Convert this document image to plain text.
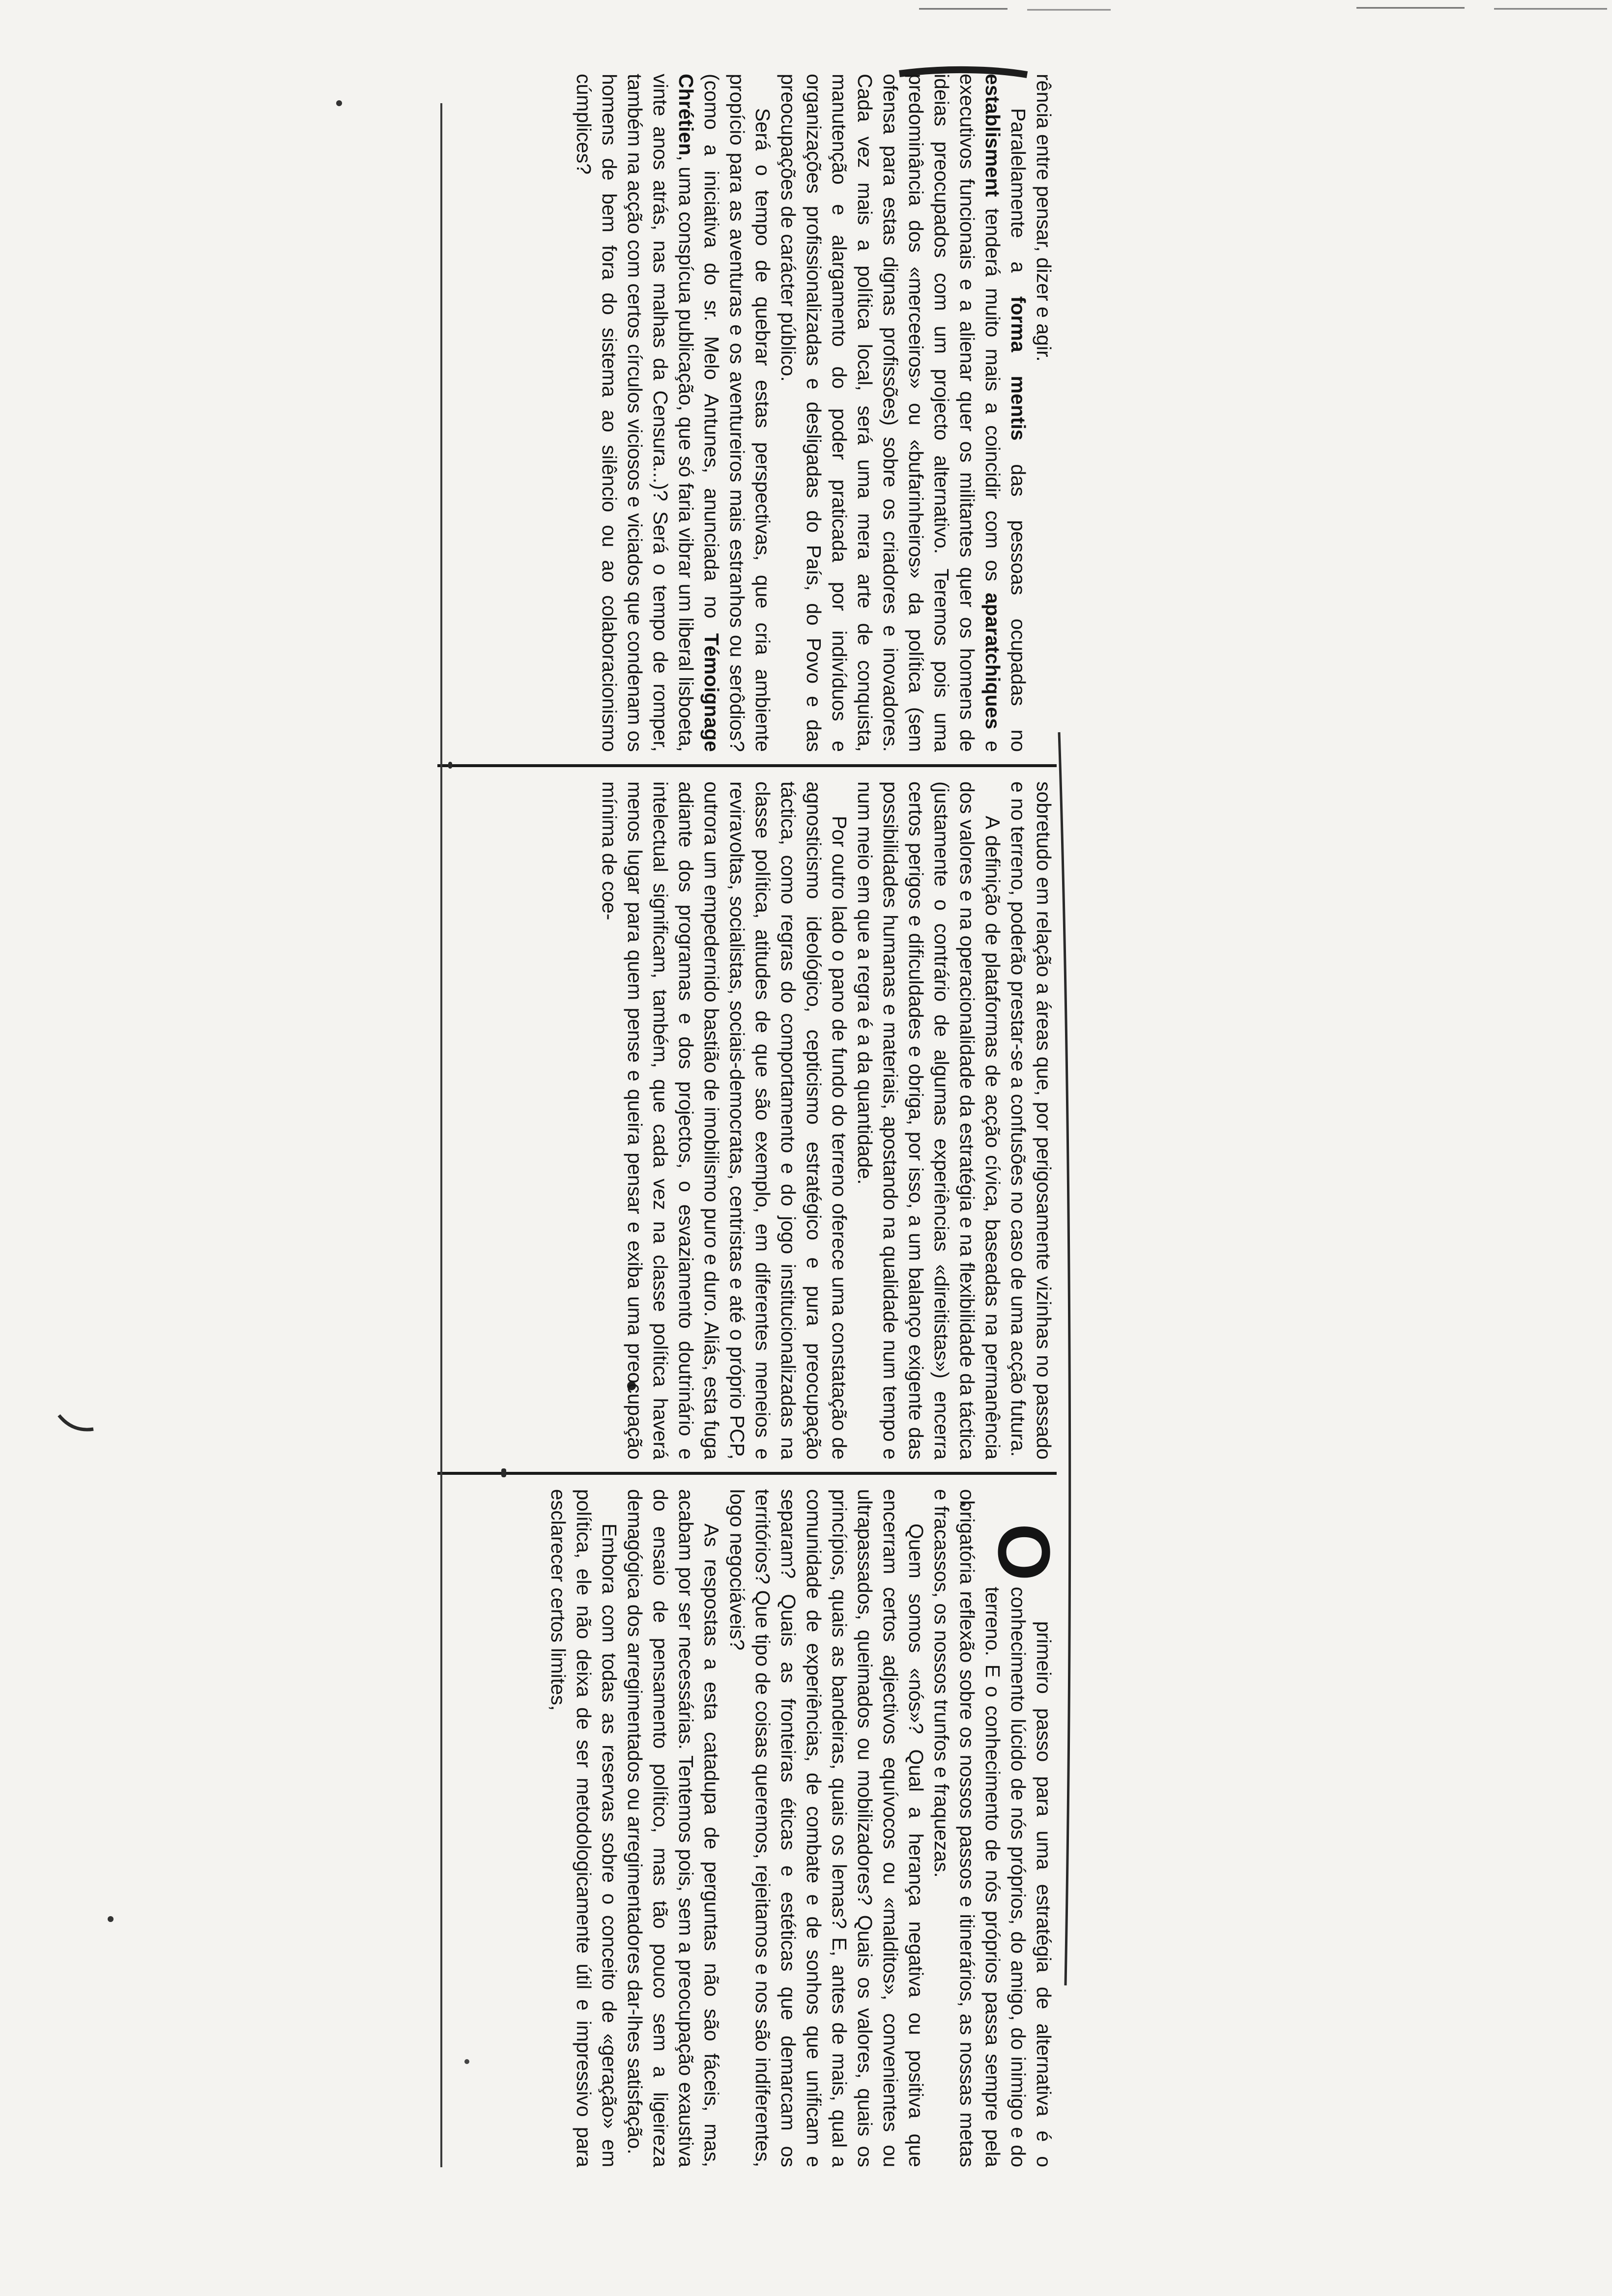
Oprimeiro passo para uma estratégia de alternativa é o conhecimento lúcido de nós próprios, do amigo, do inimigo e do terreno. E o conhecimento de nós próprios passa sempre pela obrigatória reflexão sobre os nossos passos e itinerários, as nossas metas e fracassos, os nossos trunfos e fraquezas.

Quem somos «nós»? Qual a herança negativa ou positiva que encerram certos adjectivos equívocos ou «malditos», convenientes ou ultrapassados, queimados ou mobilizadores? Quais os valores, quais os princípios, quais as bandeiras, quais os lemas? E, antes de mais, qual a comunidade de experiências, de combate e de sonhos que unificam e separam? Quais as fronteiras éticas e estéticas que demarcam os territórios? Que tipo de coisas queremos, rejeitamos e nos são indiferentes, logo negociáveis?

As respostas a esta catadupa de perguntas não são fáceis, mas, acabam por ser necessárias. Tentemos pois, sem a preocupação exaustiva do ensaio de pensamento político, mas tão pouco sem a ligeireza demagógica dos arregimentados ou arregimentadores dar-lhes satisfação.

Embora com todas as reservas sobre o conceito de «geração» em política, ele não deixa de ser metodologicamente útil e impressivo para esclarecer certos limites,

sobretudo em relação a áreas que, por perigosamente vizinhas no passado e no terreno, poderão prestar-se a confusões no caso de uma acção futura.

A definição de plataformas de acção cívica, baseadas na permanência dos valores e na operacionalidade da estratégia e na flexibilidade da táctica (justamente o contrário de algumas experiências «direitistas») encerra certos perigos e dificuldades e obriga, por isso, a um balanço exigente das possibilidades humanas e materiais, apostando na qualidade num tempo e num meio em que a regra é a da quantidade.

Por outro lado o pano de fundo do terreno oferece uma constatação de agnosticismo ideológico, cepticismo estratégico e pura preocupação táctica, como regras do comportamento e do jogo institucionalizadas na classe política, atitudes de que são exemplo, em diferentes meneios e reviravoltas, socialistas, sociais-democratas, centristas e até o próprio PCP, outrora um empedernido bastião de imobilismo puro e duro. Aliás, esta fuga adiante dos programas e dos projectos, o esvaziamento doutrinário e intelectual significam, também, que cada vez na classe política haverá menos lugar para quem pense e queira pensar e exiba uma preocupação mínima de coe-

rência entre pensar, dizer e agir.

Paralelamente a forma mentis das pessoas ocupadas no establisment tenderá muito mais a coincidir com os aparatchiques e executivos funcionais e a alienar quer os militantes quer os homens de ideias preocupados com um projecto alternativo. Teremos pois uma predominância dos «merceeiros» ou «bufarinheiros» da política (sem ofensa para estas dignas profissões) sobre os criadores e inovadores. Cada vez mais a política local, será uma mera arte de conquista, manutenção e alargamento do poder praticada por indivíduos e organizações profissionalizadas e desligadas do País, do Povo e das preocupações de carácter público.

Será o tempo de quebrar estas perspectivas, que cria ambiente propício para as aventuras e os aventureiros mais estranhos ou serôdios? (como a iniciativa do sr. Melo Antunes, anunciada no Témoignage Chrétien, uma conspícua publicação, que só faria vibrar um liberal lisboeta, vinte anos atrás, nas malhas da Censura...)? Será o tempo de romper, também na acção com certos círculos viciosos e viciados que condenam os homens de bem fora do sistema ao silêncio ou ao colaboracionismo cúmplices?
